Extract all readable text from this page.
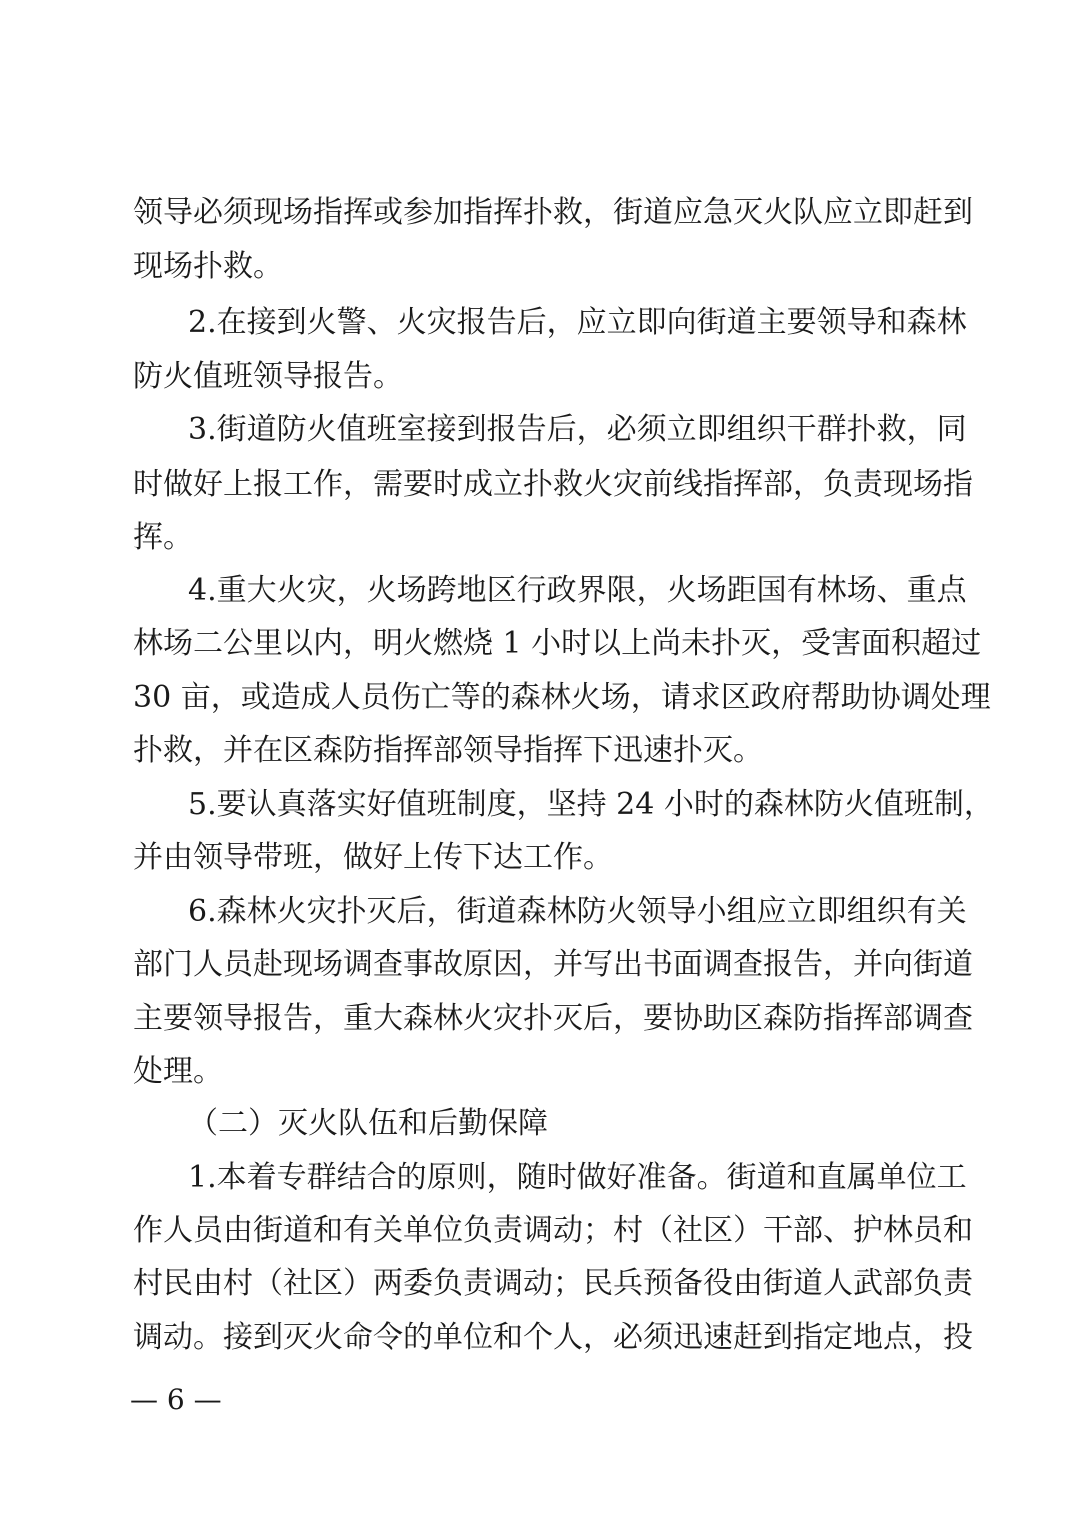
领导必须现场指挥或参加指挥扑救，街道应急灭火队应立即赶到
现场扑救。
2.在接到火警、火灾报告后，应立即向街道主要领导和森林
防火值班领导报告。
3.街道防火值班室接到报告后，必须立即组织干群扑救，同
时做好上报工作，需要时成立扑救火灾前线指挥部，负责现场指
挥。
4.重大火灾，火场跨地区行政界限，火场距国有林场、重点
林场二公里以内，明火燃烧 1 小时以上尚未扑灭，受害面积超过
30 亩，或造成人员伤亡等的森林火场，请求区政府帮助协调处理
扑救，并在区森防指挥部领导指挥下迅速扑灭。
5.要认真落实好值班制度，坚持 24 小时的森林防火值班制，
并由领导带班，做好上传下达工作。
6.森林火灾扑灭后，街道森林防火领导小组应立即组织有关
部门人员赴现场调查事故原因，并写出书面调查报告，并向街道
主要领导报告，重大森林火灾扑灭后，要协助区森防指挥部调查
处理。
（二）灭火队伍和后勤保障
1.本着专群结合的原则，随时做好准备。街道和直属单位工
作人员由街道和有关单位负责调动；村（社区）干部、护林员和
村民由村（社区）两委负责调动；民兵预备役由街道人武部负责
调动。接到灭火命令的单位和个人，必须迅速赶到指定地点，投
— 6 —
